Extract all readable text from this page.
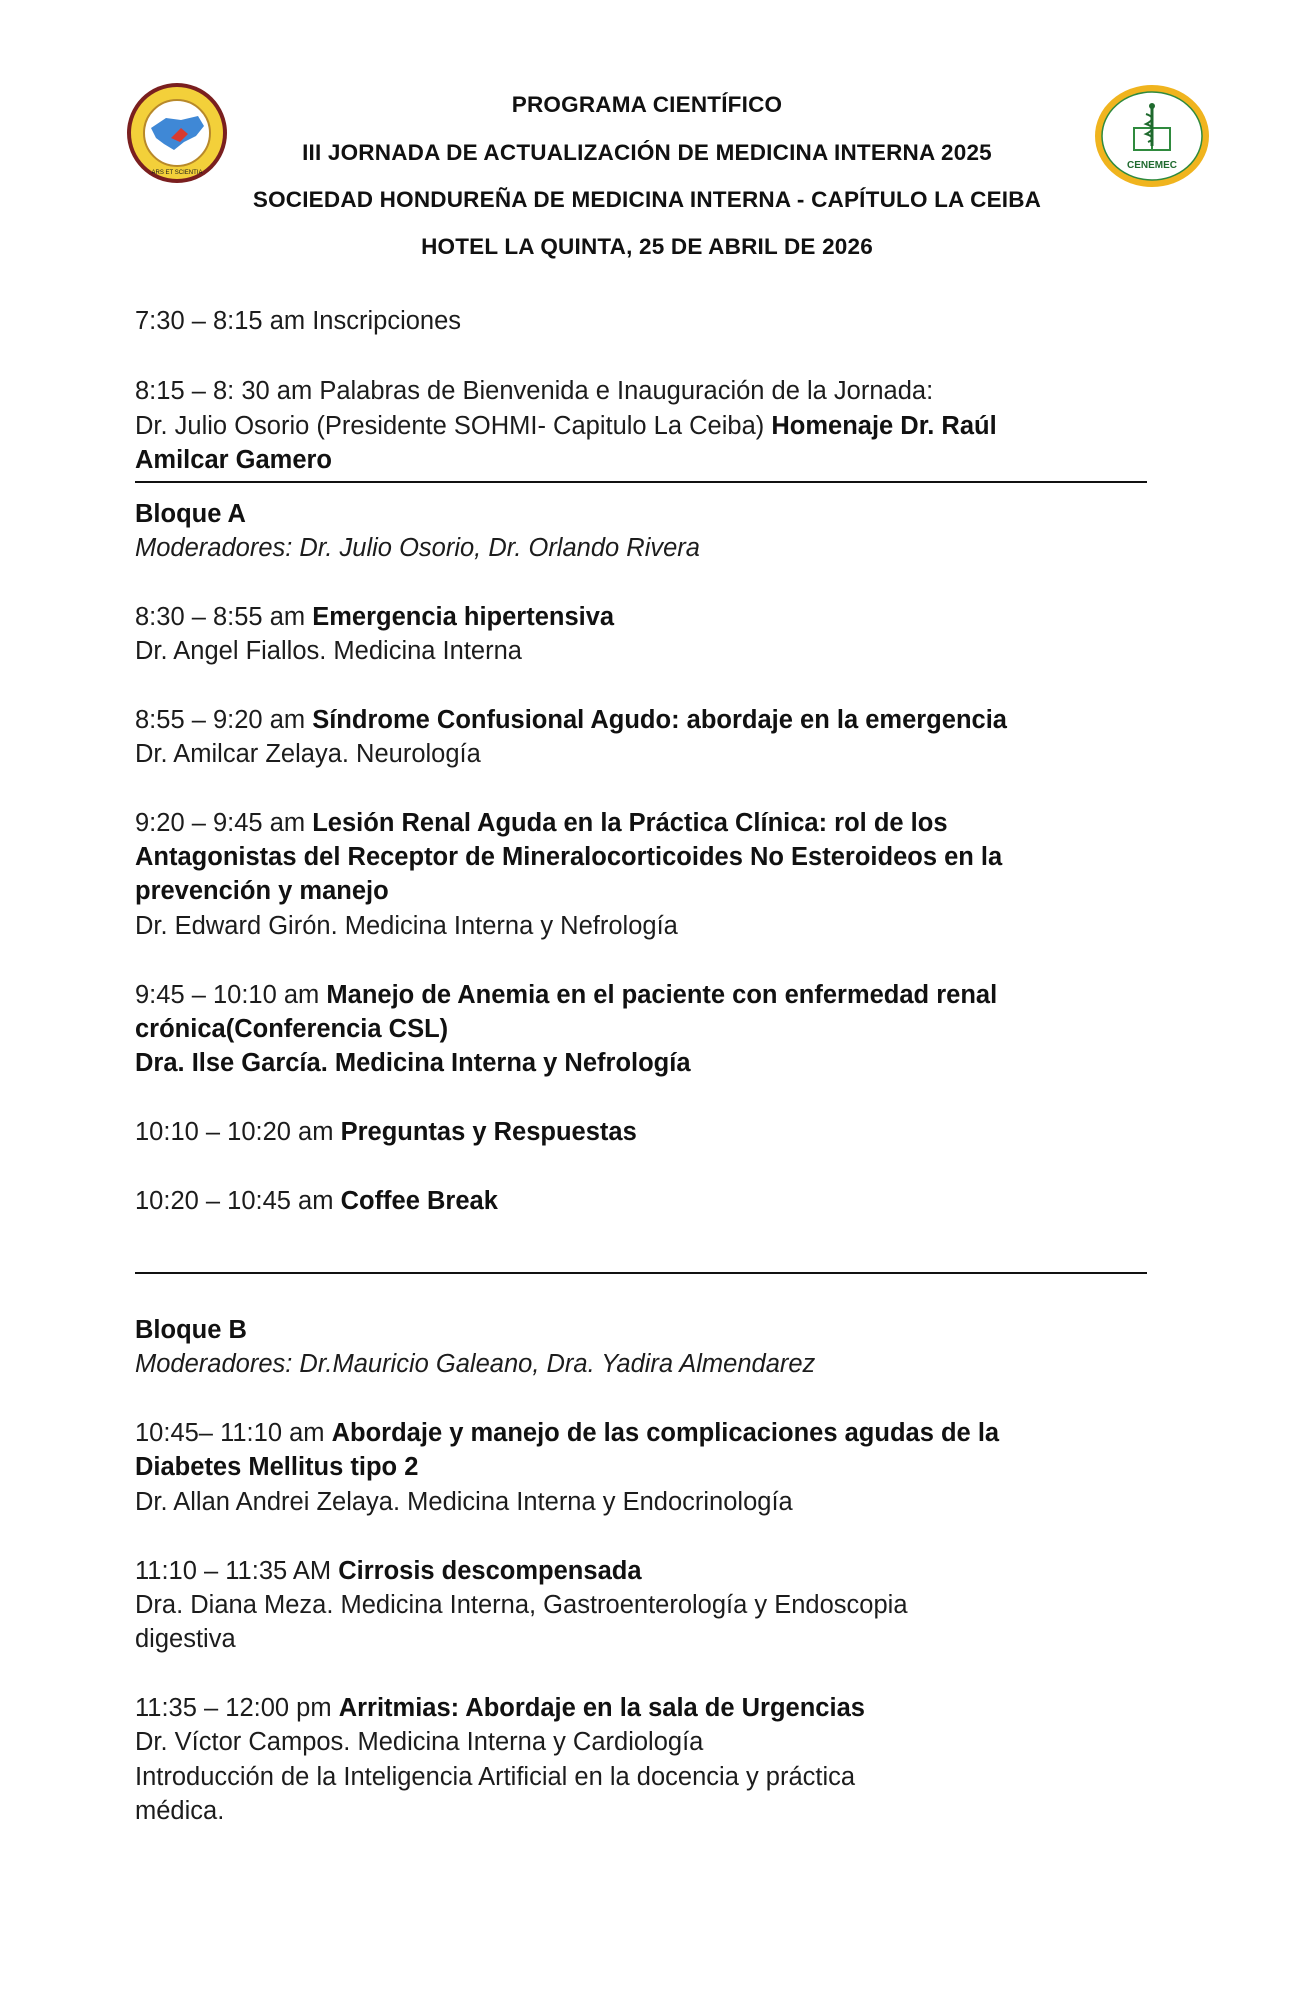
ARS ET SCIENTIA
CENEMEC
PROGRAMA CIENTÍFICO
III JORNADA DE ACTUALIZACIÓN DE MEDICINA INTERNA 2025
SOCIEDAD HONDUREÑA DE MEDICINA INTERNA - CAPÍTULO LA CEIBA
HOTEL LA QUINTA, 25 DE ABRIL DE 2026
7:30 – 8:15 am Inscripciones
8:15 – 8: 30 am Palabras de Bienvenida e Inauguración de la Jornada:
Dr. Julio Osorio (Presidente SOHMI- Capitulo La Ceiba) Homenaje Dr. Raúl
Amilcar Gamero
Bloque A
Moderadores: Dr. Julio Osorio, Dr. Orlando Rivera
8:30 – 8:55 am Emergencia hipertensiva
Dr. Angel Fiallos. Medicina Interna
8:55 – 9:20 am Síndrome Confusional Agudo: abordaje en la emergencia
Dr. Amilcar Zelaya. Neurología
9:20 – 9:45 am Lesión Renal Aguda en la Práctica Clínica: rol de los
Antagonistas del Receptor de Mineralocorticoides No Esteroideos en la
prevención y manejo
Dr. Edward Girón. Medicina Interna y Nefrología
9:45 – 10:10 am Manejo de Anemia en el paciente con enfermedad renal
crónica(Conferencia CSL)
Dra. Ilse García. Medicina Interna y Nefrología
10:10 – 10:20 am Preguntas y Respuestas
10:20 – 10:45 am Coffee Break
Bloque B
Moderadores: Dr.Mauricio Galeano, Dra. Yadira Almendarez
10:45– 11:10 am Abordaje y manejo de las complicaciones agudas de la
Diabetes Mellitus tipo 2
Dr. Allan Andrei Zelaya. Medicina Interna y Endocrinología
11:10 – 11:35 AM Cirrosis descompensada
Dra. Diana Meza. Medicina Interna, Gastroenterología y Endoscopia
digestiva
11:35 – 12:00 pm Arritmias: Abordaje en la sala de Urgencias
Dr. Víctor Campos. Medicina Interna y Cardiología
Introducción de la Inteligencia Artificial en la docencia y práctica
médica.
